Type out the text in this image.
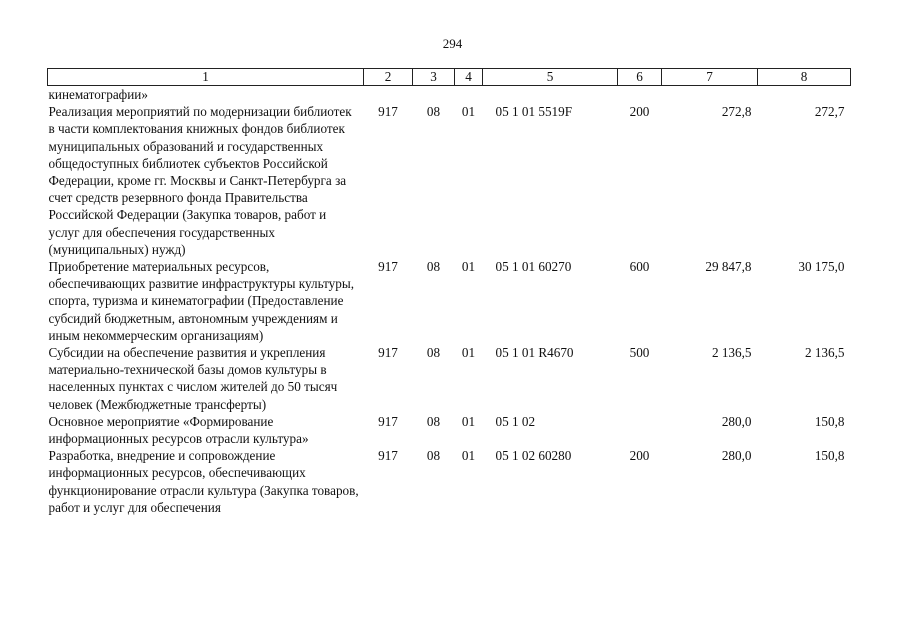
294
1	2	3	4	5	6	7	8
кинематографии»							
Реализация мероприятий по модернизации библиотек в части комплектования книжных фондов библиотек муниципальных образований и государственных общедоступных библиотек субъектов Российской Федерации, кроме гг. Москвы и Санкт-Петербурга за счет средств резервного фонда Правительства Российской Федерации (Закупка товаров, работ и услуг для обеспечения государственных (муниципальных) нужд)	917	08	01	05 1 01 5519F	200	272,8	272,7
Приобретение материальных ресурсов, обеспечивающих развитие инфраструктуры культуры, спорта, туризма и кинематографии (Предоставление субсидий бюджетным, автономным учреждениям и иным некоммерческим организациям)	917	08	01	05 1 01 60270	600	29 847,8	30 175,0
Субсидии на обеспечение развития и укрепления материально-технической базы домов культуры в населенных пунктах с числом жителей до 50 тысяч человек (Межбюджетные трансферты)	917	08	01	05 1 01 R4670	500	2 136,5	2 136,5
Основное мероприятие «Формирование информационных ресурсов отрасли культура»	917	08	01	05 1 02		280,0	150,8
Разработка, внедрение и сопровождение информационных ресурсов, обеспечивающих функционирование отрасли культура (Закупка товаров, работ и услуг для обеспечения	917	08	01	05 1 02 60280	200	280,0	150,8
